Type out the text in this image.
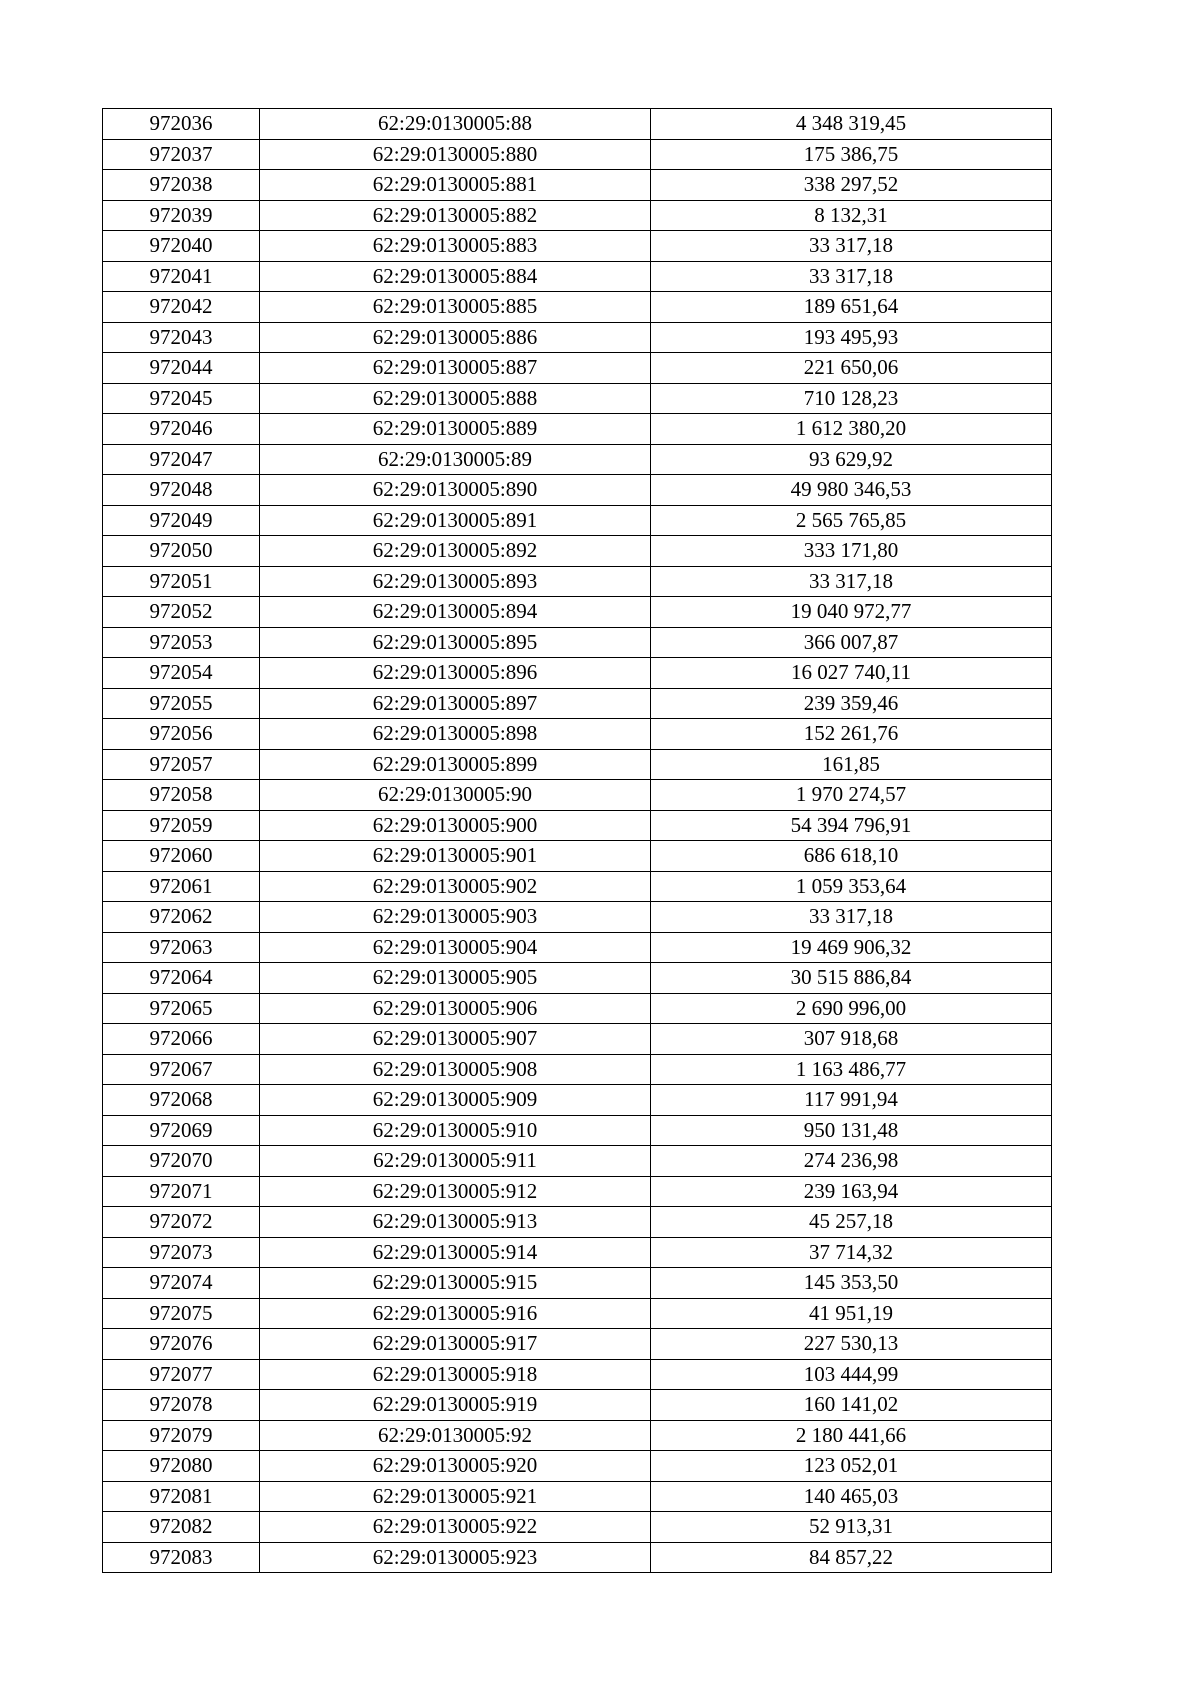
972036	62:29:0130005:88	4 348 319,45
972037	62:29:0130005:880	175 386,75
972038	62:29:0130005:881	338 297,52
972039	62:29:0130005:882	8 132,31
972040	62:29:0130005:883	33 317,18
972041	62:29:0130005:884	33 317,18
972042	62:29:0130005:885	189 651,64
972043	62:29:0130005:886	193 495,93
972044	62:29:0130005:887	221 650,06
972045	62:29:0130005:888	710 128,23
972046	62:29:0130005:889	1 612 380,20
972047	62:29:0130005:89	93 629,92
972048	62:29:0130005:890	49 980 346,53
972049	62:29:0130005:891	2 565 765,85
972050	62:29:0130005:892	333 171,80
972051	62:29:0130005:893	33 317,18
972052	62:29:0130005:894	19 040 972,77
972053	62:29:0130005:895	366 007,87
972054	62:29:0130005:896	16 027 740,11
972055	62:29:0130005:897	239 359,46
972056	62:29:0130005:898	152 261,76
972057	62:29:0130005:899	161,85
972058	62:29:0130005:90	1 970 274,57
972059	62:29:0130005:900	54 394 796,91
972060	62:29:0130005:901	686 618,10
972061	62:29:0130005:902	1 059 353,64
972062	62:29:0130005:903	33 317,18
972063	62:29:0130005:904	19 469 906,32
972064	62:29:0130005:905	30 515 886,84
972065	62:29:0130005:906	2 690 996,00
972066	62:29:0130005:907	307 918,68
972067	62:29:0130005:908	1 163 486,77
972068	62:29:0130005:909	117 991,94
972069	62:29:0130005:910	950 131,48
972070	62:29:0130005:911	274 236,98
972071	62:29:0130005:912	239 163,94
972072	62:29:0130005:913	45 257,18
972073	62:29:0130005:914	37 714,32
972074	62:29:0130005:915	145 353,50
972075	62:29:0130005:916	41 951,19
972076	62:29:0130005:917	227 530,13
972077	62:29:0130005:918	103 444,99
972078	62:29:0130005:919	160 141,02
972079	62:29:0130005:92	2 180 441,66
972080	62:29:0130005:920	123 052,01
972081	62:29:0130005:921	140 465,03
972082	62:29:0130005:922	52 913,31
972083	62:29:0130005:923	84 857,22
